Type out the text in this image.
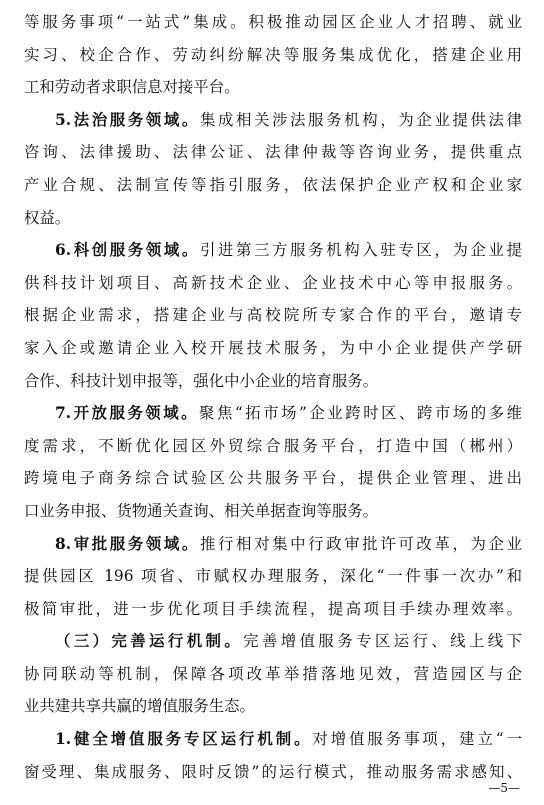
等服务事项“一站式”集成。积极推动园区企业人才招聘、就业
实习、校企合作、劳动纠纷解决等服务集成优化，搭建企业用
工和劳动者求职信息对接平台。
5.法治服务领域。集成相关涉法服务机构，为企业提供法律
咨询、法律援助、法律公证、法律仲裁等咨询业务，提供重点
产业合规、法制宣传等指引服务，依法保护企业产权和企业家
权益。
6.科创服务领域。引进第三方服务机构入驻专区，为企业提
供科技计划项目、高新技术企业、企业技术中心等申报服务。
根据企业需求，搭建企业与高校院所专家合作的平台，邀请专
家入企或邀请企业入校开展技术服务，为中小企业提供产学研
合作、科技计划申报等，强化中小企业的培育服务。
7.开放服务领域。聚焦“拓市场”企业跨时区、跨市场的多维
度需求，不断优化园区外贸综合服务平台，打造中国（郴州）
跨境电子商务综合试验区公共服务平台，提供企业管理、进出
口业务申报、货物通关查询、相关单据查询等服务。
8.审批服务领域。推行相对集中行政审批许可改革，为企业
提供园区 196 项省、市赋权办理服务，深化“一件事一次办”和
极简审批，进一步优化项目手续流程，提高项目手续办理效率。
（三）完善运行机制。完善增值服务专区运行、线上线下
协同联动等机制，保障各项改革举措落地见效，营造园区与企
业共建共享共赢的增值服务生态。
1.健全增值服务专区运行机制。对增值服务事项，建立“一
窗受理、集成服务、限时反馈”的运行模式，推动服务需求感知、
—5—
